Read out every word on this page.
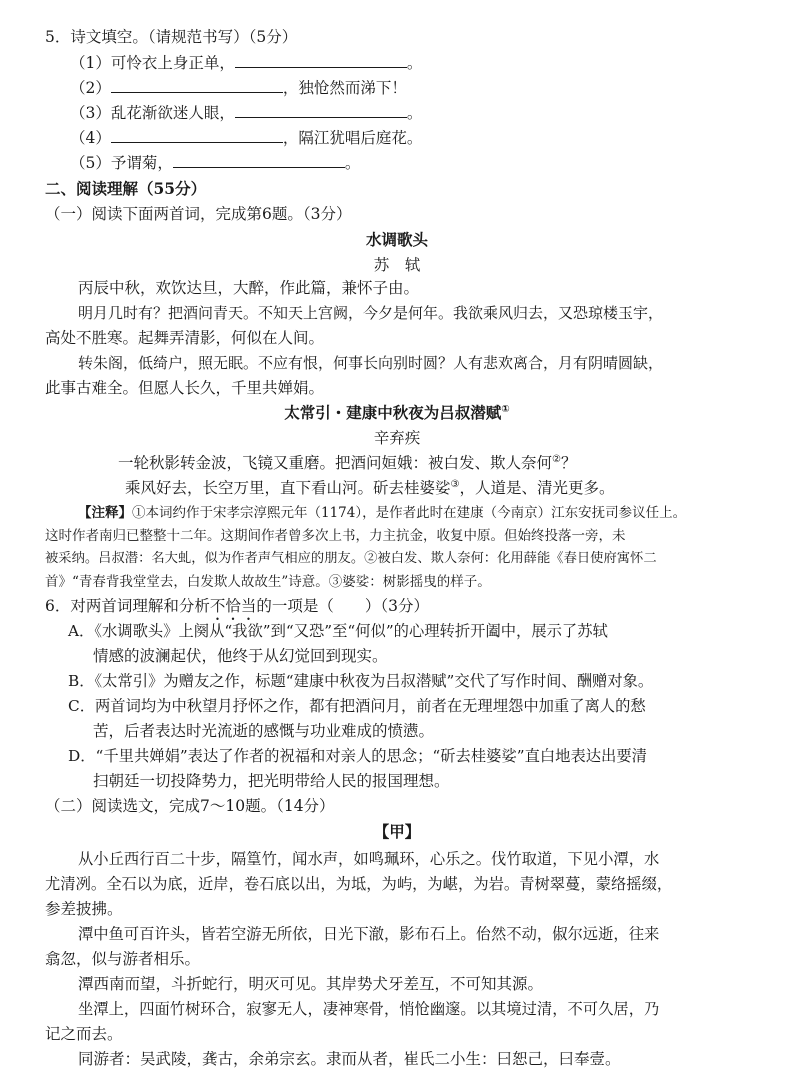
5．诗文填空。（请规范书写）（5分）
（1）可怜衣上身正单，	。
（2）	，独怆然而涕下！
（3）乱花渐欲迷人眼，	。
（4）	，隔江犹唱后庭花。
（5）予谓菊，	。
二、阅读理解（55分）
（一）阅读下面两首词，完成第6题。（3分）
水调歌头
苏　轼
丙辰中秋，欢饮达旦，大醉，作此篇，兼怀子由。
明月几时有？把酒问青天。不知天上宫阙，今夕是何年。我欲乘风归去，又恐琼楼玉宇，
高处不胜寒。起舞弄清影，何似在人间。
转朱阁，低绮户，照无眠。不应有恨，何事长向别时圆？人有悲欢离合，月有阴晴圆缺，
此事古难全。但愿人长久，千里共婵娟。
太常引・建康中秋夜为吕叔潜赋①
辛弃疾
一轮秋影转金波，飞镜又重磨。把酒问姮娥：被白发、欺人奈何②？
乘风好去，长空万里，直下看山河。斫去桂婆娑③，人道是、清光更多。
【注释】①本词约作于宋孝宗淳熙元年（1174），是作者此时在建康（今南京）江东安抚司参议任上。
这时作者南归已整整十二年。这期间作者曾多次上书，力主抗金，收复中原。但始终投落一旁，未
被采纳。吕叔潜：名大虬，似为作者声气相应的朋友。②被白发、欺人奈何：化用薛能《春日使府寓怀二
首》“青春背我堂堂去，白发欺人故故生”诗意。③婆娑：树影摇曳的样子。
6．对两首词理解和分析不恰当的一项是（　　）（3分）
A．《水调歌头》上阕从“我欲”到“又恐”至“何似”的心理转折开阖中，展示了苏轼
情感的波澜起伏，他终于从幻觉回到现实。
B．《太常引》为赠友之作，标题“建康中秋夜为吕叔潜赋”交代了写作时间、酬赠对象。
C．两首词均为中秋望月抒怀之作，都有把酒问月，前者在无理埋怨中加重了离人的愁
苦，后者表达时光流逝的感慨与功业难成的愤懑。
D．“千里共婵娟”表达了作者的祝福和对亲人的思念；“斫去桂婆娑”直白地表达出要清
扫朝廷一切投降势力，把光明带给人民的报国理想。
（二）阅读选文，完成7～10题。（14分）
【甲】
从小丘西行百二十步，隔篁竹，闻水声，如鸣珮环，心乐之。伐竹取道，下见小潭，水
尤清冽。全石以为底，近岸，卷石底以出，为坻，为屿，为嵁，为岩。青树翠蔓，蒙络摇缀，
参差披拂。
潭中鱼可百许头，皆若空游无所依，日光下澈，影布石上。佁然不动，俶尔远逝，往来
翕忽，似与游者相乐。
潭西南而望，斗折蛇行，明灭可见。其岸势犬牙差互，不可知其源。
坐潭上，四面竹树环合，寂寥无人，凄神寒骨，悄怆幽邃。以其境过清，不可久居，乃
记之而去。
同游者：吴武陵，龚古，余弟宗玄。隶而从者，崔氏二小生：曰恕己，曰奉壹。
